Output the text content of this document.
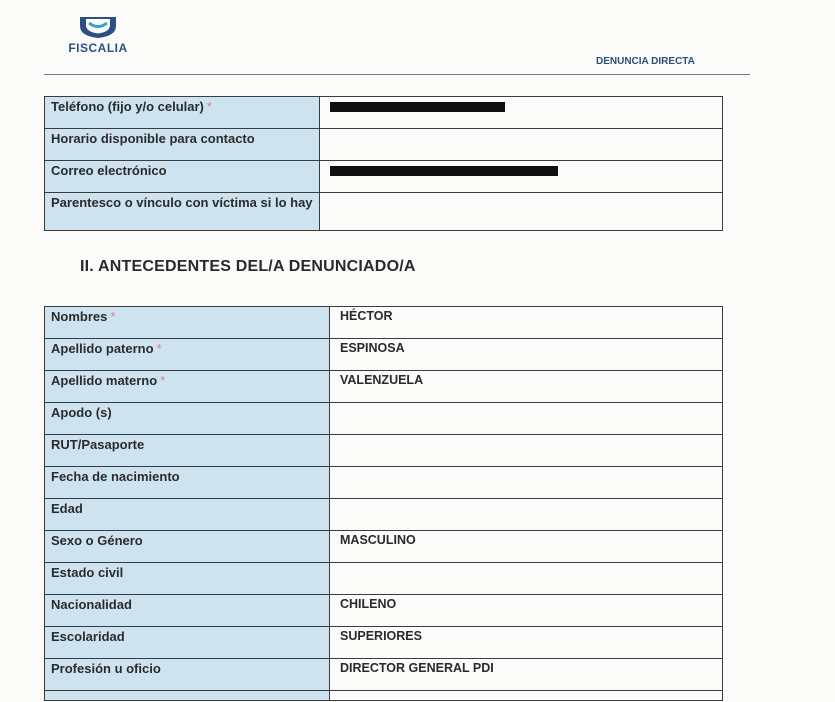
FISCALIA
DENUNCIA DIRECTA
Teléfono (fijo y/o celular) *	
Horario disponible para contacto	
Correo electrónico	
Parentesco o vínculo con víctima si lo hay	
II. ANTECEDENTES DEL/A DENUNCIADO/A
Nombres *	HÉCTOR
Apellido paterno *	ESPINOSA
Apellido materno *	VALENZUELA
Apodo (s)	
RUT/Pasaporte	
Fecha de nacimiento	
Edad	
Sexo o Género	MASCULINO
Estado civil	
Nacionalidad	CHILENO
Escolaridad	SUPERIORES
Profesión u oficio	DIRECTOR GENERAL PDI
